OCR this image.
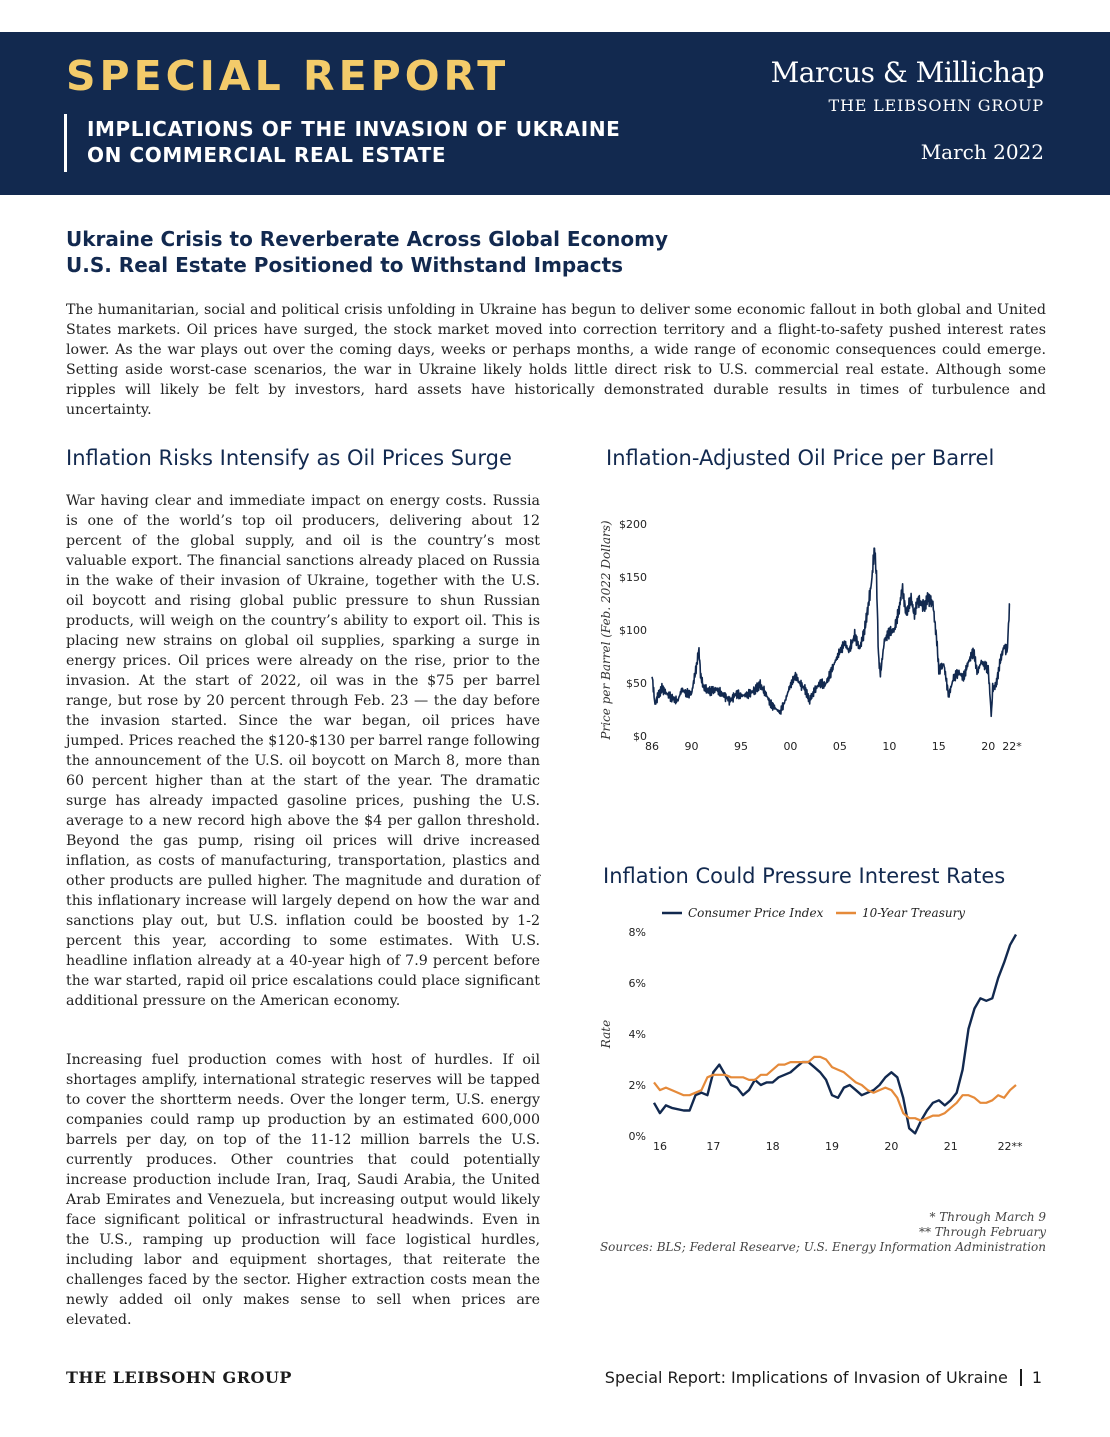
SPECIAL REPORT
IMPLICATIONS OF THE INVASION OF UKRAINE
ON COMMERCIAL REAL ESTATE
Marcus & Millichap
THE LEIBSOHN GROUP
March 2022
Ukraine Crisis to Reverberate Across Global Economy
U.S. Real Estate Positioned to Withstand Impacts
The humanitarian, social and political crisis unfolding in Ukraine has begun to deliver some economic fallout in both global and United States markets. Oil prices have surged, the stock market moved into correction territory and a flight-to-safety pushed interest rates lower. As the war plays out over the coming days, weeks or perhaps months, a wide range of economic consequences could emerge. Setting aside worst-case scenarios, the war in Ukraine likely holds little direct risk to U.S. commercial real estate. Although some ripples will likely be felt by investors, hard assets have historically demonstrated durable results in times of turbulence and uncertainty.
Inflation Risks Intensify as Oil Prices Surge
War having clear and immediate impact on energy costs. Russia is one of the world’s top oil producers, delivering about 12 percent of the global supply, and oil is the country’s most valuable export. The financial sanctions already placed on Russia in the wake of their invasion of Ukraine, together with the U.S. oil boycott and rising global public pressure to shun Russian products, will weigh on the country’s ability to export oil. This is placing new strains on global oil supplies, sparking a surge in energy prices. Oil prices were already on the rise, prior to the invasion. At the start of 2022, oil was in the $75 per barrel range, but rose by 20 percent through Feb. 23 — the day before the invasion started. Since the war began, oil prices have jumped. Prices reached the $120-$130 per barrel range following the announcement of the U.S. oil boycott on March 8, more than 60 percent higher than at the start of the year. The dramatic surge has already impacted gasoline prices, pushing the U.S. average to a new record high above the $4 per gallon threshold. Beyond the gas pump, rising oil prices will drive increased inflation, as costs of manufacturing, transportation, plastics and other products are pulled higher. The magnitude and duration of this inflationary increase will largely depend on how the war and sanctions play out, but U.S. inflation could be boosted by 1-2 percent this year, according to some estimates. With U.S. headline inflation already at a 40-year high of 7.9 percent before the war started, rapid oil price escalations could place significant additional pressure on the American economy.
Increasing fuel production comes with host of hurdles. If oil shortages amplify, international strategic reserves will be tapped to cover the shortterm needs. Over the longer term, U.S. energy companies could ramp up production by an estimated 600,000 barrels per day, on top of the 11-12 million barrels the U.S. currently produces. Other countries that could potentially increase production include Iran, Iraq, Saudi Arabia, the United Arab Emirates and Venezuela, but increasing output would likely face significant political or infrastructural headwinds. Even in the U.S., ramping up production will face logistical hurdles, including labor and equipment shortages, that reiterate the challenges faced by the sector. Higher extraction costs mean the newly added oil only makes sense to sell when prices are elevated.
Inflation-Adjusted Oil Price per Barrel
Price per Barrel (Feb. 2022 Dollars) $0
$50
$100
$150
$200
86 90	95	00	05	10	15	20 22*
Inflation Could Pressure Interest Rates
Rate
0%
2%
4%
6%
8%
16	17	18	19	20	21	22**
Consumer Price Index	10-Year Treasury
* Through March 9
** Through February
Sources: BLS; Federal Researve; U.S. Energy Information Administration
THE LEIBSOHN GROUP	Special Report: Implications of Invasion of Ukraine 1
